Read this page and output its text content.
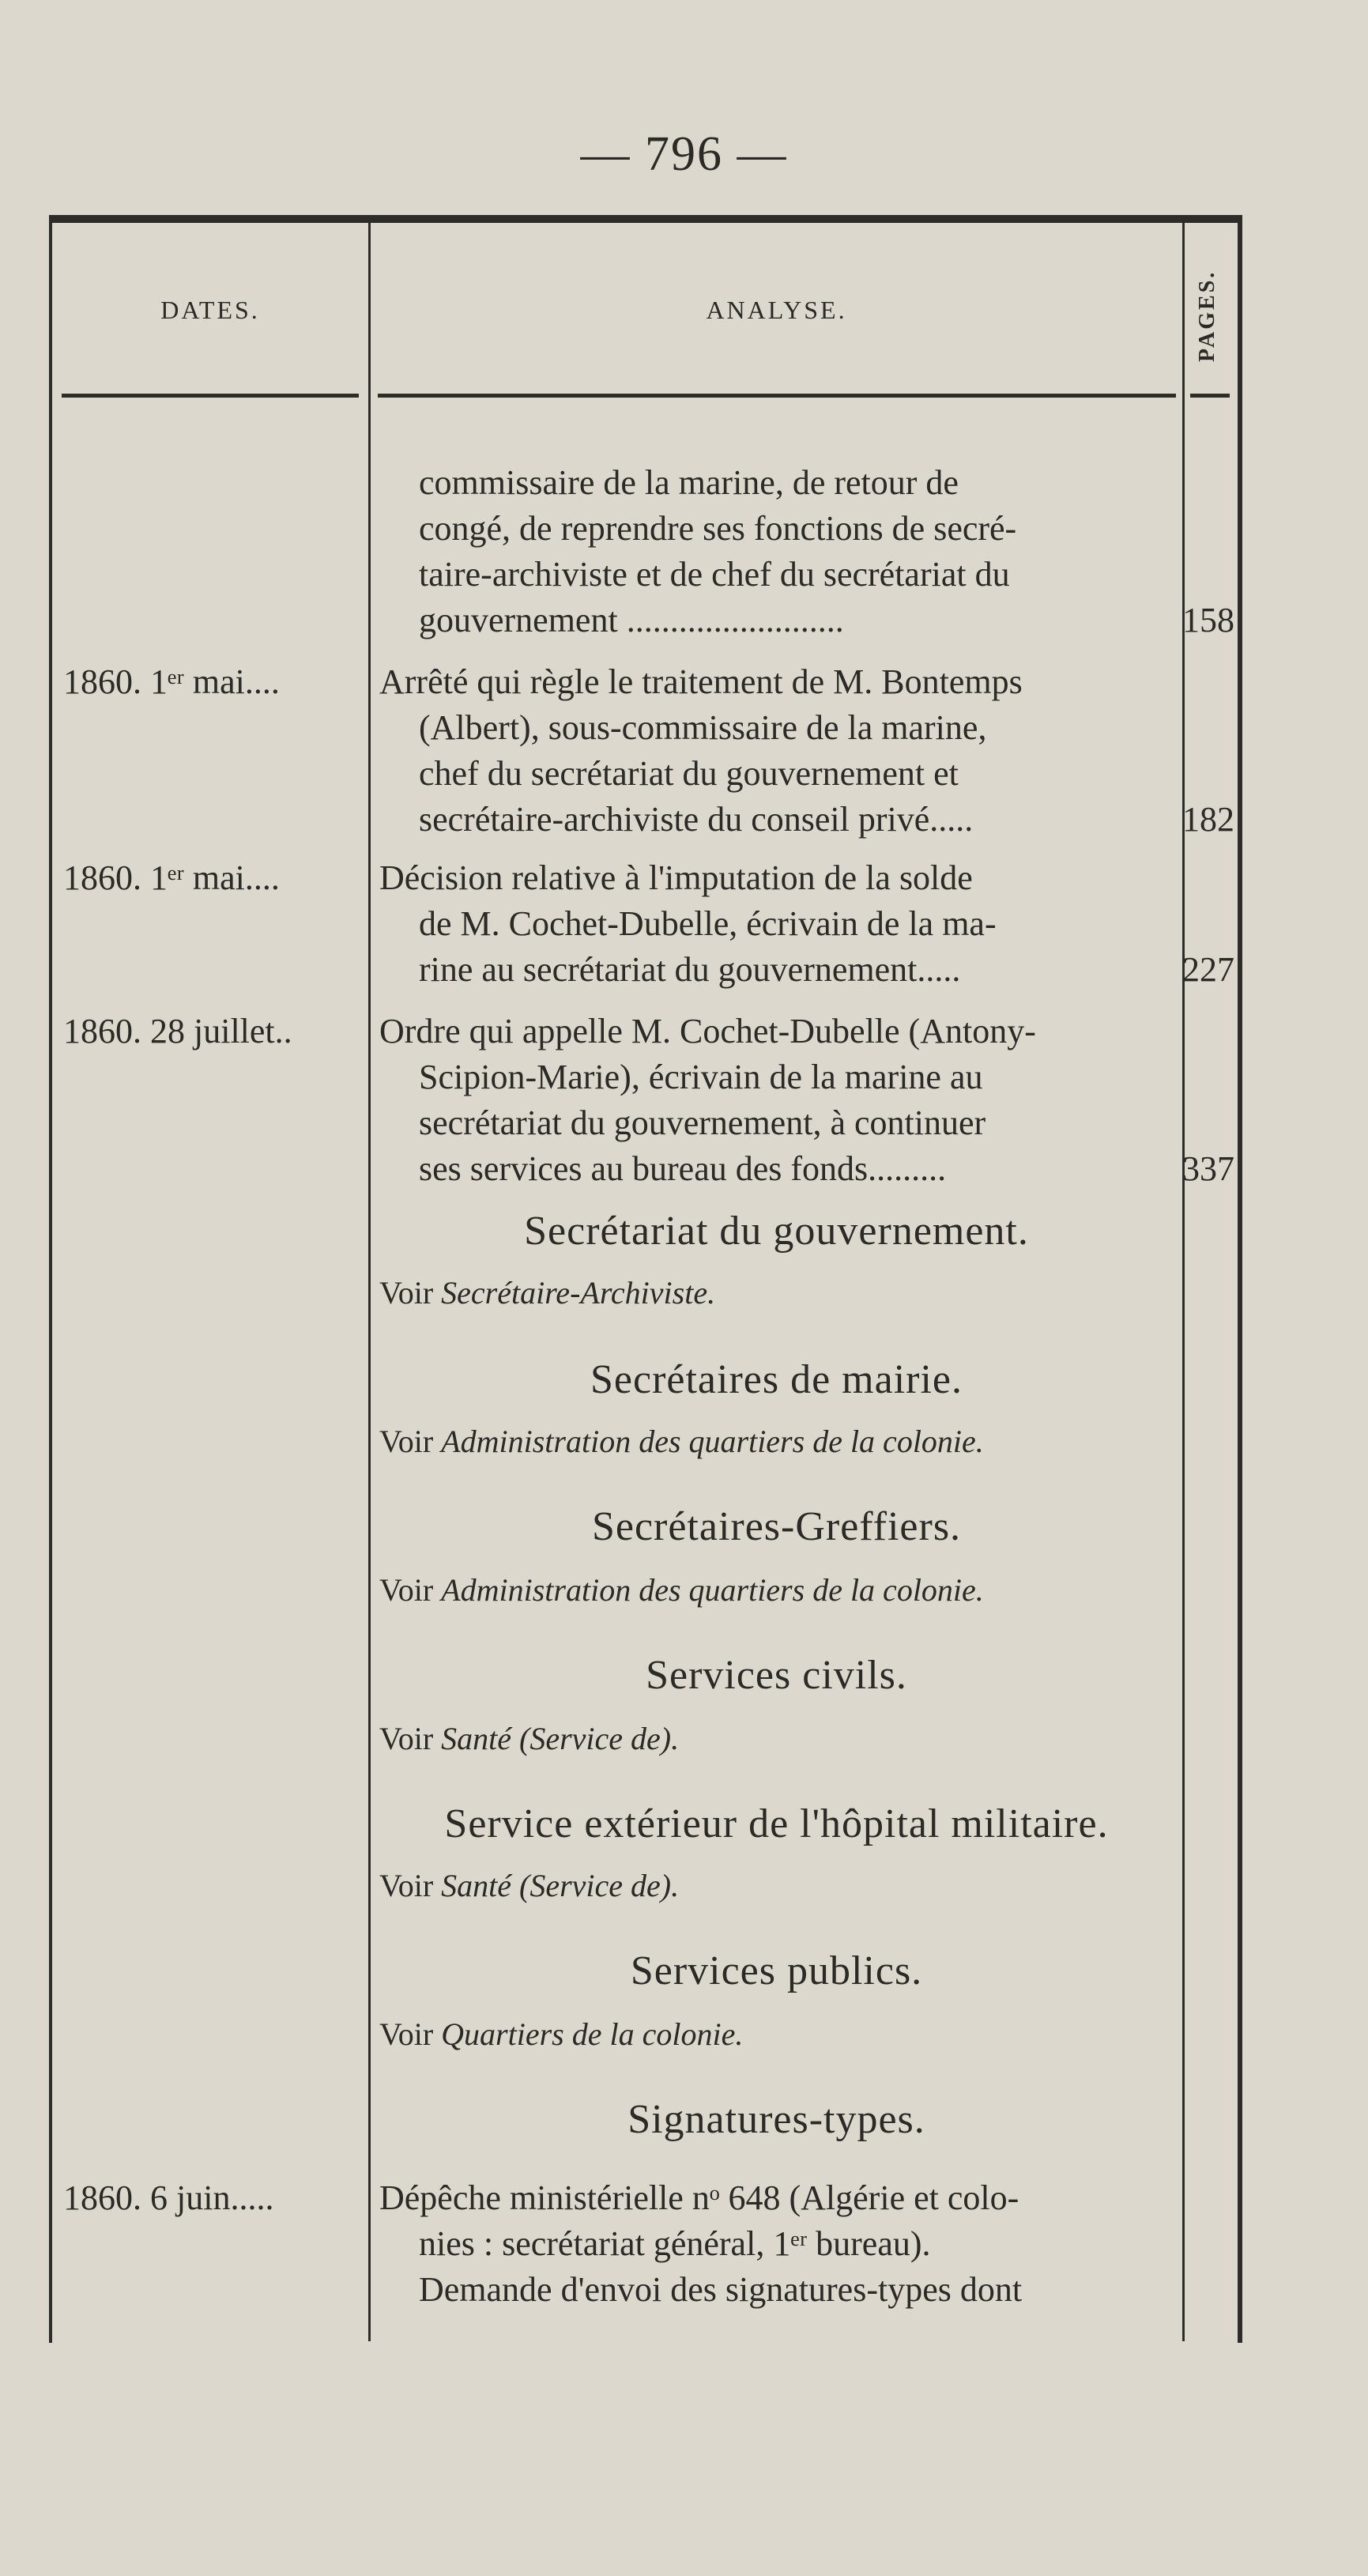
— 796 —
DATES.	ANALYSE.	PAGES.
commissaire de la marine, de retour de
congé, de reprendre ses fonctions de secré-
taire-archiviste et de chef du secrétariat du
gouvernement .........................	158
1860. 1ᵉʳ mai....	Arrêté qui règle le traitement de M. Bontemps
(Albert), sous-commissaire de la marine,
chef du secrétariat du gouvernement et
secrétaire-archiviste du conseil privé.....	182
1860. 1ᵉʳ mai....	Décision relative à l'imputation de la solde
de M. Cochet-Dubelle, écrivain de la ma-
rine au secrétariat du gouvernement.....	227
1860. 28 juillet..	Ordre qui appelle M. Cochet-Dubelle (Antony-
Scipion-Marie), écrivain de la marine au
secrétariat du gouvernement, à continuer
ses services au bureau des fonds.........	337
Secrétariat du gouvernement.
Voir Secrétaire-Archiviste.
Secrétaires de mairie.
Voir Administration des quartiers de la colonie.
Secrétaires-Greffiers.
Voir Administration des quartiers de la colonie.
Services civils.
Voir Santé (Service de).
Service extérieur de l'hôpital militaire.
Voir Santé (Service de).
Services publics.
Voir Quartiers de la colonie.
Signatures-types.
1860. 6 juin.....	Dépêche ministérielle nᵒ 648 (Algérie et colo-
nies : secrétariat général, 1ᵉʳ bureau).
Demande d'envoi des signatures-types dont
